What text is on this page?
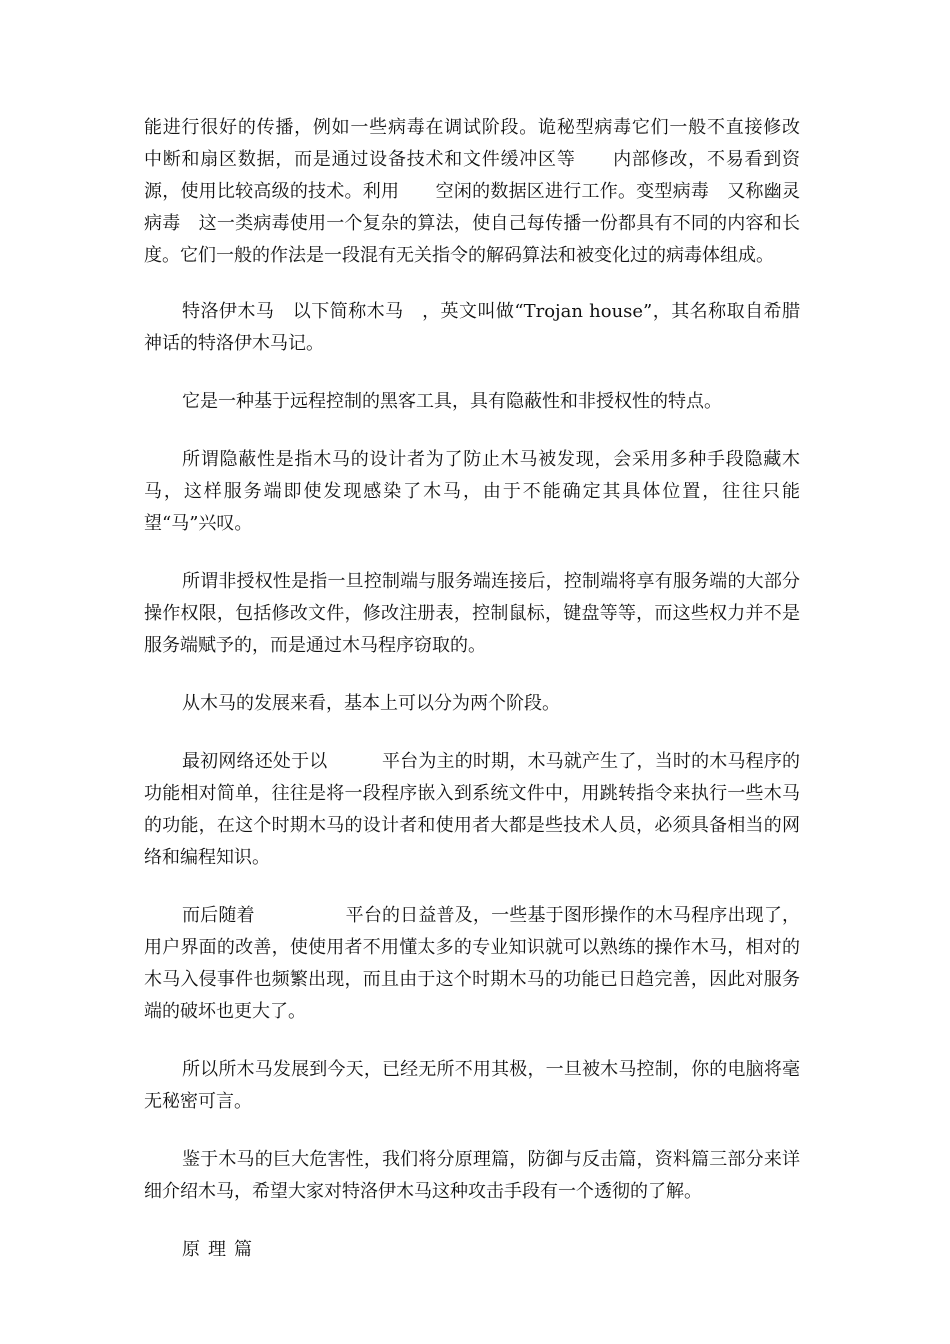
能进行很好的传播，例如一些病毒在调试阶段。诡秘型病毒它们一般不直接修改　　中断和扇区数据，而是通过设备技术和文件缓冲区等　　内部修改，不易看到资源，使用比较高级的技术。利用　　空闲的数据区进行工作。变型病毒　又称幽灵病毒　这一类病毒使用一个复杂的算法，使自己每传播一份都具有不同的内容和长度。它们一般的作法是一段混有无关指令的解码算法和被变化过的病毒体组成。

特洛伊木马　以下简称木马　，英文叫做“Trojan house”，其名称取自希腊神话的特洛伊木马记。

它是一种基于远程控制的黑客工具，具有隐蔽性和非授权性的特点。

所谓隐蔽性是指木马的设计者为了防止木马被发现，会采用多种手段隐藏木马，这样服务端即使发现感染了木马，由于不能确定其具体位置，往往只能望“马”兴叹。

所谓非授权性是指一旦控制端与服务端连接后，控制端将享有服务端的大部分操作权限，包括修改文件，修改注册表，控制鼠标，键盘等等，而这些权力并不是服务端赋予的，而是通过木马程序窃取的。

从木马的发展来看，基本上可以分为两个阶段。

最初网络还处于以　　　平台为主的时期，木马就产生了，当时的木马程序的功能相对简单，往往是将一段程序嵌入到系统文件中，用跳转指令来执行一些木马的功能，在这个时期木马的设计者和使用者大都是些技术人员，必须具备相当的网络和编程知识。

而后随着　　　　　平台的日益普及，一些基于图形操作的木马程序出现了，用户界面的改善，使使用者不用懂太多的专业知识就可以熟练的操作木马，相对的木马入侵事件也频繁出现，而且由于这个时期木马的功能已日趋完善，因此对服务端的破坏也更大了。

所以所木马发展到今天，已经无所不用其极，一旦被木马控制，你的电脑将毫无秘密可言。

鉴于木马的巨大危害性，我们将分原理篇，防御与反击篇，资料篇三部分来详细介绍木马，希望大家对特洛伊木马这种攻击手段有一个透彻的了解。

原理篇
